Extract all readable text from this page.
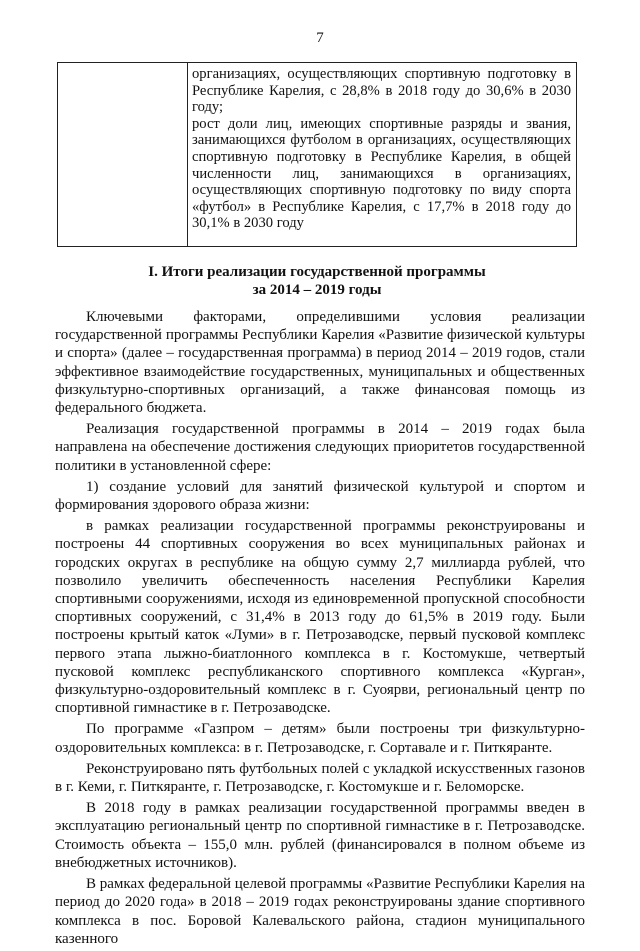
7

организациях, осуществляющих спортивную подготовку в Республике Карелия, с 28,8% в 2018 году до 30,6% в 2030 году;

рост доли лиц, имеющих спортивные разряды и звания, занимающихся футболом в организациях, осуществляющих спортивную подготовку в Республике Карелия, в общей численности лиц, занимающихся в организациях, осуществляющих спортивную подготовку по виду спорта «футбол» в Республике Карелия, с 17,7% в 2018 году до 30,1% в 2030 году

I. Итоги реализации государственной программы
за 2014 – 2019 годы

Ключевыми факторами, определившими условия реализации государственной программы Республики Карелия «Развитие физической культуры и спорта» (далее – государственная программа) в период 2014 – 2019 годов, стали эффективное взаимодействие государственных, муниципальных и общественных физкультурно-спортивных организаций, а также финансовая помощь из федерального бюджета.

Реализация государственной программы в 2014 – 2019 годах была направлена на обеспечение достижения следующих приоритетов государственной политики в установленной сфере:

1) создание условий для занятий физической культурой и спортом и формирования здорового образа жизни:

в рамках реализации государственной программы реконструированы и построены 44 спортивных сооружения во всех муниципальных районах и городских округах в республике на общую сумму 2,7 миллиарда рублей, что позволило увеличить обеспеченность населения Республики Карелия спортивными сооружениями, исходя из единовременной пропускной способности спортивных сооружений, с 31,4% в 2013 году до 61,5% в 2019 году. Были построены крытый каток «Луми» в г. Петрозаводске, первый пусковой комплекс первого этапа лыжно-биатлонного комплекса в г. Костомукше, четвертый пусковой комплекс республиканского спортивного комплекса «Курган», физкультурно-оздоровительный комплекс в г. Суоярви, региональный центр по спортивной гимнастике в г. Петрозаводске.

По программе «Газпром – детям» были построены три физкультурно-оздоровительных комплекса: в г. Петрозаводске, г. Сортавале и г. Питкяранте.

Реконструировано пять футбольных полей с укладкой искусственных газонов в г. Кеми, г. Питкяранте, г. Петрозаводске, г. Костомукше и г. Беломорске.

В 2018 году в рамках реализации государственной программы введен в эксплуатацию региональный центр по спортивной гимнастике в г. Петрозаводске. Стоимость объекта – 155,0 млн. рублей (финансировался в полном объеме из внебюджетных источников).

В рамках федеральной целевой программы «Развитие Республики Карелия на период до 2020 года» в 2018 – 2019 годах реконструированы здание спортивного комплекса в пос. Боровой Калевальского района, стадион муниципального казенного
